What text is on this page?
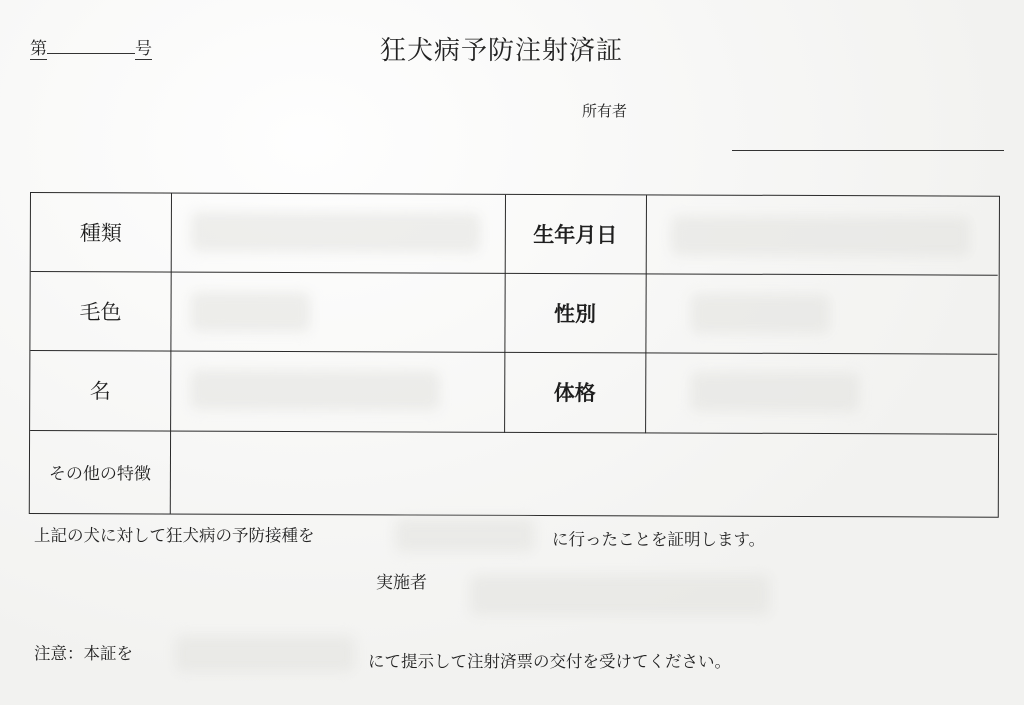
第	号	狂犬病予防注射済証
所有者
種類	生年月日
毛色	性別
名	体格
その他の特徴
上記の犬に対して狂犬病の予防接種を	に行ったことを証明します。
実施者
注意：本証を	にて提示して注射済票の交付を受けてください。
